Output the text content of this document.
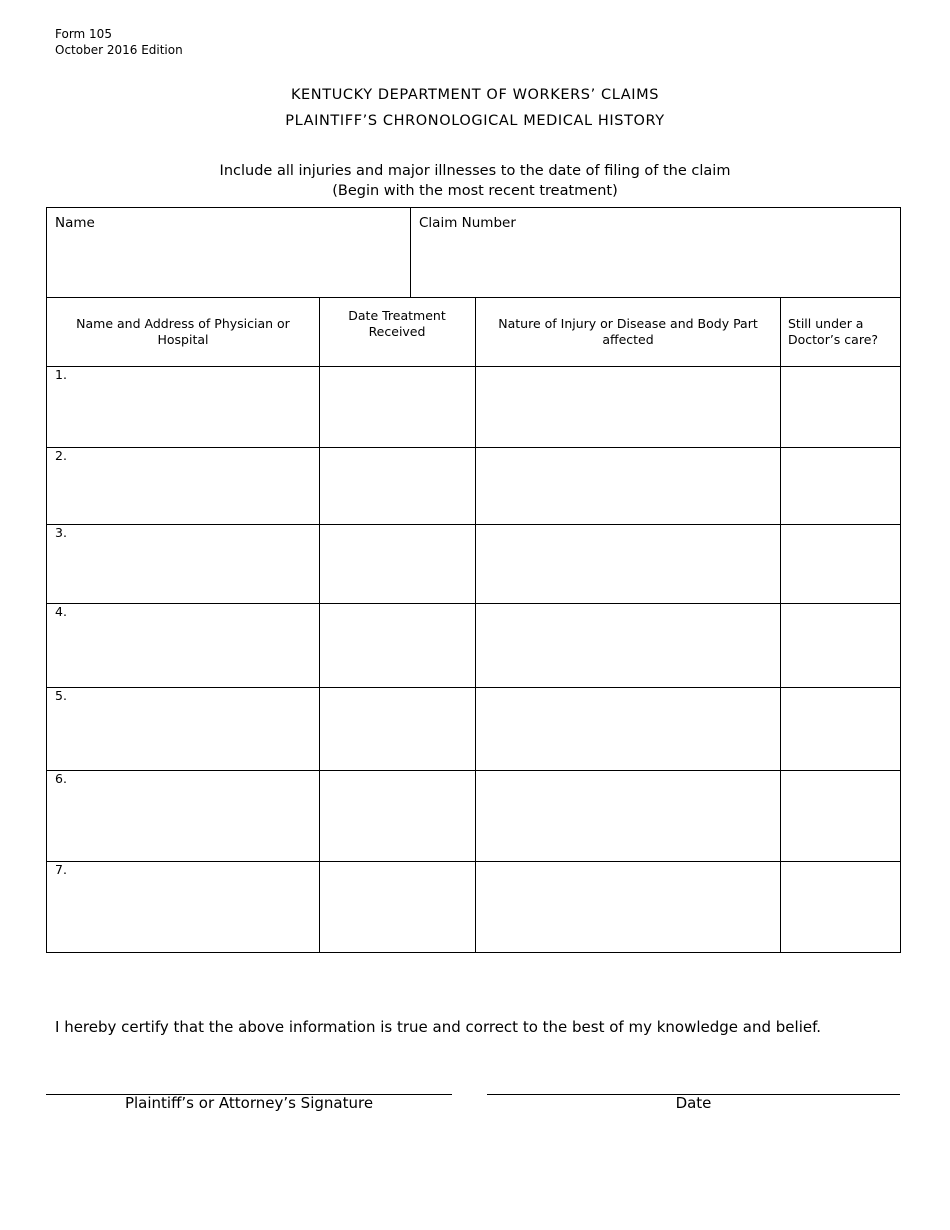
Form 105
October 2016 Edition
KENTUCKY DEPARTMENT OF WORKERS’ CLAIMS
PLAINTIFF’S CHRONOLOGICAL MEDICAL HISTORY
Include all injuries and major illnesses to the date of filing of the claim
(Begin with the most recent treatment)
Name	Claim Number
Name and Address of Physician or Hospital
Date Treatment Received
Nature of Injury or Disease and Body Part affected
Still under a Doctor’s care?
1.
2.
3.
4.
5.
6.
7.
I hereby certify that the above information is true and correct to the best of my knowledge and belief.
Plaintiff’s or Attorney’s Signature	Date
